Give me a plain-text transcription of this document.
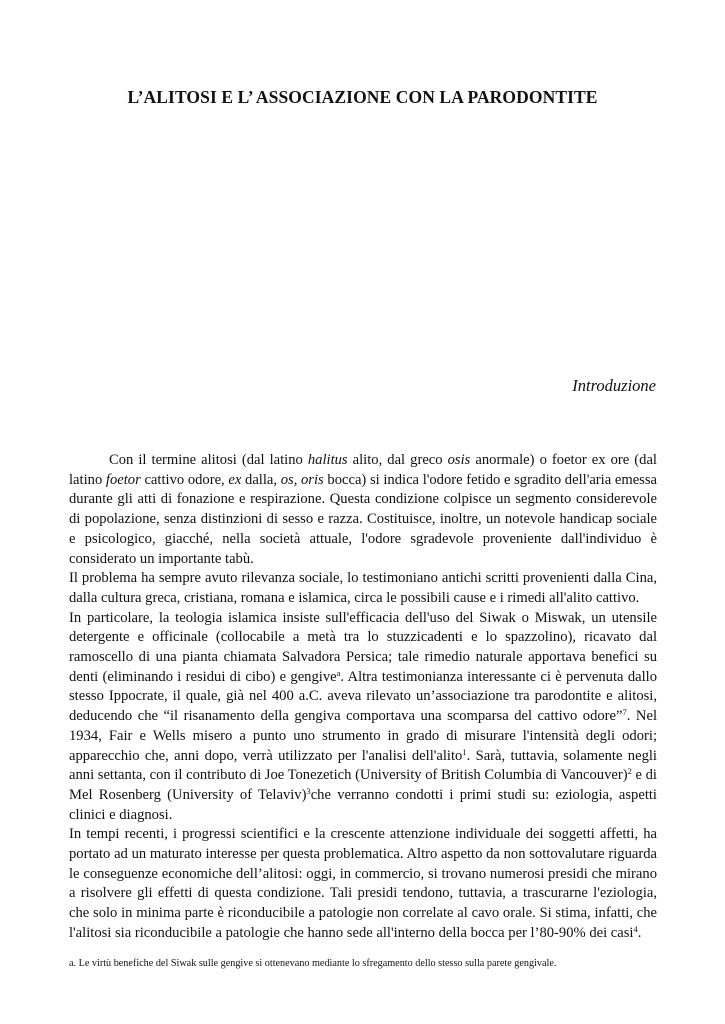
L’ALITOSI E L’ ASSOCIAZIONE CON LA PARODONTITE
Introduzione

Con il termine alitosi (dal latino halitus alito, dal greco osis anormale) o foetor ex ore (dal latino foetor cattivo odore, ex dalla, os, oris bocca) si indica l'odore fetido e sgradito dell'aria emessa durante gli atti di fonazione e respirazione. Questa condizione colpisce un segmento considerevole di popolazione, senza distinzioni di sesso e razza. Costituisce, inoltre, un notevole handicap sociale e psicologico, giacché, nella società attuale, l'odore sgradevole proveniente dall'individuo è considerato un importante tabù.

Il problema ha sempre avuto rilevanza sociale, lo testimoniano antichi scritti provenienti dalla Cina, dalla cultura greca, cristiana, romana e islamica, circa le possibili cause e i rimedi all'alito cattivo.

In particolare, la teologia islamica insiste sull'efficacia dell'uso del Siwak o Miswak, un utensile detergente e officinale (collocabile a metà tra lo stuzzicadenti e lo spazzolino), ricavato dal ramoscello di una pianta chiamata Salvadora Persica; tale rimedio naturale apportava benefici su denti (eliminando i residui di cibo) e gengive$^a$. Altra testimonianza interessante ci è pervenuta dallo stesso Ippocrate, il quale, già nel 400 a.C. aveva rilevato un’associazione tra parodontite e alitosi, deducendo che “il risanamento della gengiva comportava una scomparsa del cattivo odore”$^7$. Nel 1934, Fair e Wells misero a punto uno strumento in grado di misurare l'intensità degli odori; apparecchio che, anni dopo, verrà utilizzato per l'analisi dell'alito$^1$. Sarà, tuttavia, solamente negli anni settanta, con il contributo di Joe Tonezetich (University of British Columbia di Vancouver)$^2$ e di Mel Rosenberg (University of Telaviv)$^3$che verranno condotti i primi studi su: eziologia, aspetti clinici e diagnosi.

In tempi recenti, i progressi scientifici e la crescente attenzione individuale dei soggetti affetti, ha portato ad un maturato interesse per questa problematica. Altro aspetto da non sottovalutare riguarda le conseguenze economiche dell’alitosi: oggi, in commercio, si trovano numerosi presidi che mirano a risolvere gli effetti di questa condizione. Tali presidi tendono, tuttavia, a trascurarne l'eziologia, che solo in minima parte è riconducibile a patologie non correlate al cavo orale. Si stima, infatti, che l'alitosi sia riconducibile a patologie che hanno sede all'interno della bocca per l’80-90% dei casi$^4$.

a. Le virtù benefiche del Siwak sulle gengive si ottenevano mediante lo sfregamento dello stesso sulla parete gengivale.
